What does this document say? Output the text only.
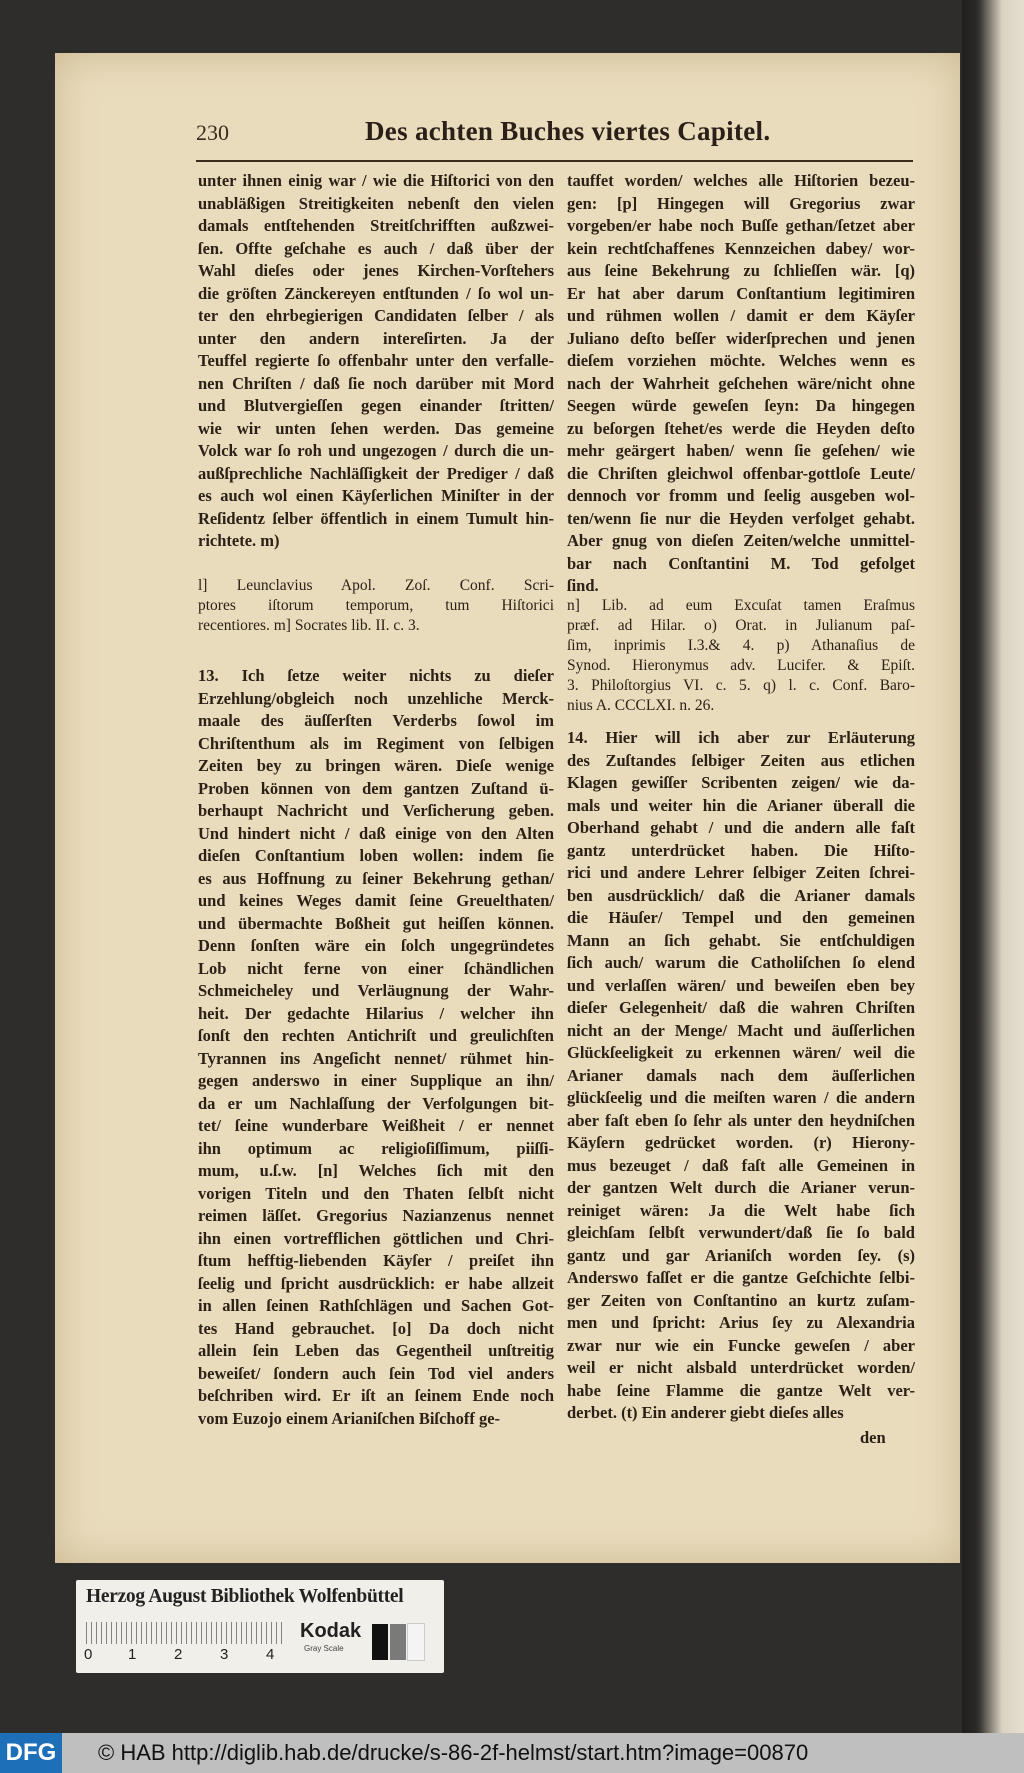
230	Des achten Buches viertes Capitel.
unter ihnen einig war / wie die Hiſtorici von den
unabläßigen Streitigkeiten nebenſt den vielen
damals entſtehenden Streitſchrifften außzwei-
ſen. Offte geſchahe es auch / daß über der
Wahl dieſes oder jenes Kirchen-Vorſtehers
die gröſten Zänckereyen entſtunden / ſo wol un-
ter den ehrbegierigen Candidaten ſelber / als
unter den andern intereſirten. Ja der
Teuffel regierte ſo offenbahr unter den verfalle-
nen Chriſten / daß ſie noch darüber mit Mord
und Blutvergieſſen gegen einander ſtritten/
wie wir unten ſehen werden. Das gemeine
Volck war ſo roh und ungezogen / durch die un-
außſprechliche Nachläſſigkeit der Prediger / daß
es auch wol einen Käyſerlichen Miniſter in der
Reſidentz ſelber öffentlich in einem Tumult hin-
richtete. m)
l] Leunclavius Apol. Zoſ. Conf. Scri-
ptores iſtorum temporum, tum Hiſtorici
recentiores. m] Socrates lib. II. c. 3.
13. Ich ſetze weiter nichts zu dieſer
Erzehlung/obgleich noch unzehliche Merck-
maale des äuſſerſten Verderbs ſowol im
Chriſtenthum als im Regiment von ſelbigen
Zeiten bey zu bringen wären. Dieſe wenige
Proben können von dem gantzen Zuſtand ü-
berhaupt Nachricht und Verſicherung geben.
Und hindert nicht / daß einige von den Alten
dieſen Conſtantium loben wollen: indem ſie
es aus Hoffnung zu ſeiner Bekehrung gethan/
und keines Weges damit ſeine Greuelthaten/
und übermachte Boßheit gut heiſſen können.
Denn ſonſten wäre ein ſolch ungegründetes
Lob nicht ferne von einer ſchändlichen
Schmeicheley und Verläugnung der Wahr-
heit. Der gedachte Hilarius / welcher ihn
ſonſt den rechten Antichriſt und greulichſten
Tyrannen ins Angeſicht nennet/ rühmet hin-
gegen anderswo in einer Supplique an ihn/
da er um Nachlaſſung der Verfolgungen bit-
tet/ ſeine wunderbare Weißheit / er nennet
ihn optimum ac religioſiſſimum, piiſſi-
mum, u.ſ.w. [n] Welches ſich mit den
vorigen Titeln und den Thaten ſelbſt nicht
reimen läſſet. Gregorius Nazianzenus nennet
ihn einen vortrefflichen göttlichen und Chri-
ſtum hefftig-liebenden Käyſer / preiſet ihn
ſeelig und ſpricht ausdrücklich: er habe allzeit
in allen ſeinen Rathſchlägen und Sachen Got-
tes Hand gebrauchet. [o] Da doch nicht
allein ſein Leben das Gegentheil unſtreitig
beweiſet/ ſondern auch ſein Tod viel anders
beſchriben wird. Er iſt an ſeinem Ende noch
vom Euzojo einem Arianiſchen Biſchoff ge-
tauffet worden/ welches alle Hiſtorien bezeu-
gen: [p] Hingegen will Gregorius zwar
vorgeben/er habe noch Buſſe gethan/ſetzet aber
kein rechtſchaffenes Kennzeichen dabey/ wor-
aus ſeine Bekehrung zu ſchlieſſen wär. [q)
Er hat aber darum Conſtantium legitimiren
und rühmen wollen / damit er dem Käyſer
Juliano deſto beſſer widerſprechen und jenen
dieſem vorziehen möchte. Welches wenn es
nach der Wahrheit geſchehen wäre/nicht ohne
Seegen würde geweſen ſeyn: Da hingegen
zu beſorgen ſtehet/es werde die Heyden deſto
mehr geärgert haben/ wenn ſie geſehen/ wie
die Chriſten gleichwol offenbar-gottloſe Leute/
dennoch vor fromm und ſeelig ausgeben wol-
ten/wenn ſie nur die Heyden verfolget gehabt.
Aber gnug von dieſen Zeiten/welche unmittel-
bar nach Conſtantini M. Tod gefolget
ſind.
n] Lib. ad eum Excuſat tamen Eraſmus
præf. ad Hilar. o) Orat. in Julianum paſ-
ſim, inprimis I.3.& 4. p) Athanaſius de
Synod. Hieronymus adv. Lucifer. & Epiſt.
3. Philoſtorgius VI. c. 5. q) l. c. Conf. Baro-
nius A. CCCLXI. n. 26.
14. Hier will ich aber zur Erläuterung
des Zuſtandes ſelbiger Zeiten aus etlichen
Klagen gewiſſer Scribenten zeigen/ wie da-
mals und weiter hin die Arianer überall die
Oberhand gehabt / und die andern alle faſt
gantz unterdrücket haben. Die Hiſto-
rici und andere Lehrer ſelbiger Zeiten ſchrei-
ben ausdrücklich/ daß die Arianer damals
die Häuſer/ Tempel und den gemeinen
Mann an ſich gehabt. Sie entſchuldigen
ſich auch/ warum die Catholiſchen ſo elend
und verlaſſen wären/ und beweiſen eben bey
dieſer Gelegenheit/ daß die wahren Chriſten
nicht an der Menge/ Macht und äuſſerlichen
Glückſeeligkeit zu erkennen wären/ weil die
Arianer damals nach dem äuſſerlichen
glückſeelig und die meiſten waren / die andern
aber faſt eben ſo ſehr als unter den heydniſchen
Käyſern gedrücket worden. (r) Hierony-
mus bezeuget / daß faſt alle Gemeinen in
der gantzen Welt durch die Arianer verun-
reiniget wären: Ja die Welt habe ſich
gleichſam ſelbſt verwundert/daß ſie ſo bald
gantz und gar Arianiſch worden ſey. (s)
Anderswo faſſet er die gantze Geſchichte ſelbi-
ger Zeiten von Conſtantino an kurtz zuſam-
men und ſpricht: Arius ſey zu Alexandria
zwar nur wie ein Funcke geweſen / aber
weil er nicht alsbald unterdrücket worden/
habe ſeine Flamme die gantze Welt ver-
derbet. (t) Ein anderer giebt dieſes alles
den
Herzog August Bibliothek Wolfenbüttel
0 1	2	3	4
Kodak
Gray Scale
DFG © HAB http://diglib.hab.de/drucke/s-86-2f-helmst/start.htm?image=00870
